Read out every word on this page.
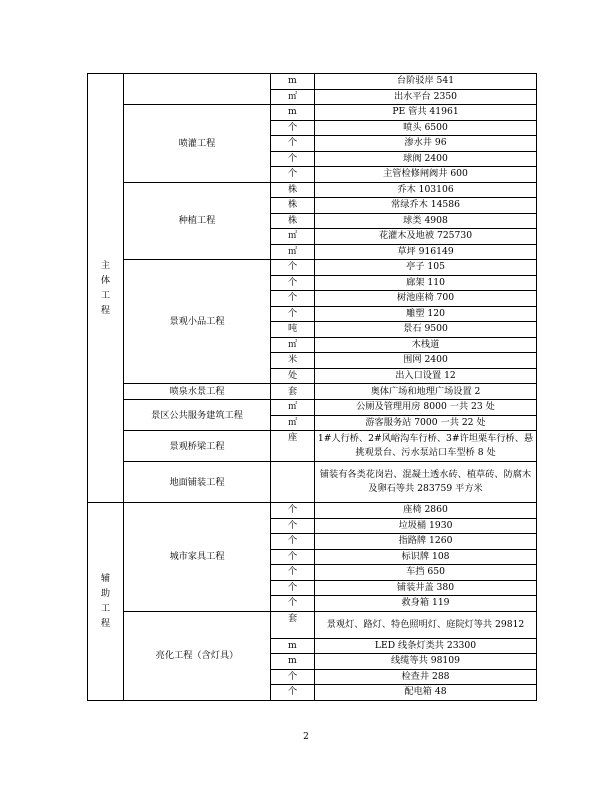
主体工程		m	台阶驳岸 541
		㎡	出水平台 2350
	喷灌工程	m	PE 管共 41961
		个	喷头 6500
		个	渗水井 96
		个	球阀 2400
		个	主管检修闸阀井 600
	种植工程	株	乔木 103106
		株	常绿乔木 14586
		株	球类 4908
		㎡	花灌木及地被 725730
		㎡	草坪 916149
	景观小品工程	个	亭子 105
		个	廊架 110
		个	树池座椅 700
		个	雕塑 120
		吨	景石 9500
		㎡	木栈道
		米	围网 2400
		处	出入口设置 12
	喷泉水景工程	套	奥体广场和地理广场设置 2
	景区公共服务建筑工程	㎡	公厕及管理用房 8000 一共 23 处
		㎡	游客服务站 7000 一共 22 处
	景观桥梁工程	座	1#人行桥、2#风峪沟车行桥、3#许坦栗车行桥、悬挑观景台、污水泵站口车型桥 8 处
	地面铺装工程		铺装有各类花岗岩、混凝土透水砖、植草砖、防腐木及卵石等共 283759 平方米

辅助工程	城市家具工程	个	座椅 2860
		个	垃圾桶 1930
		个	指路牌 1260
		个	标识牌 108
		个	车挡 650
		个	铺装井盖 380
		个	救身箱 119
	亮化工程（含灯具）	套	景观灯、路灯、特色照明灯、庭院灯等共 29812
		m	LED 线条灯类共 23300
		m	线缆等共 98109
		个	检查井 288
		个	配电箱 48
2
